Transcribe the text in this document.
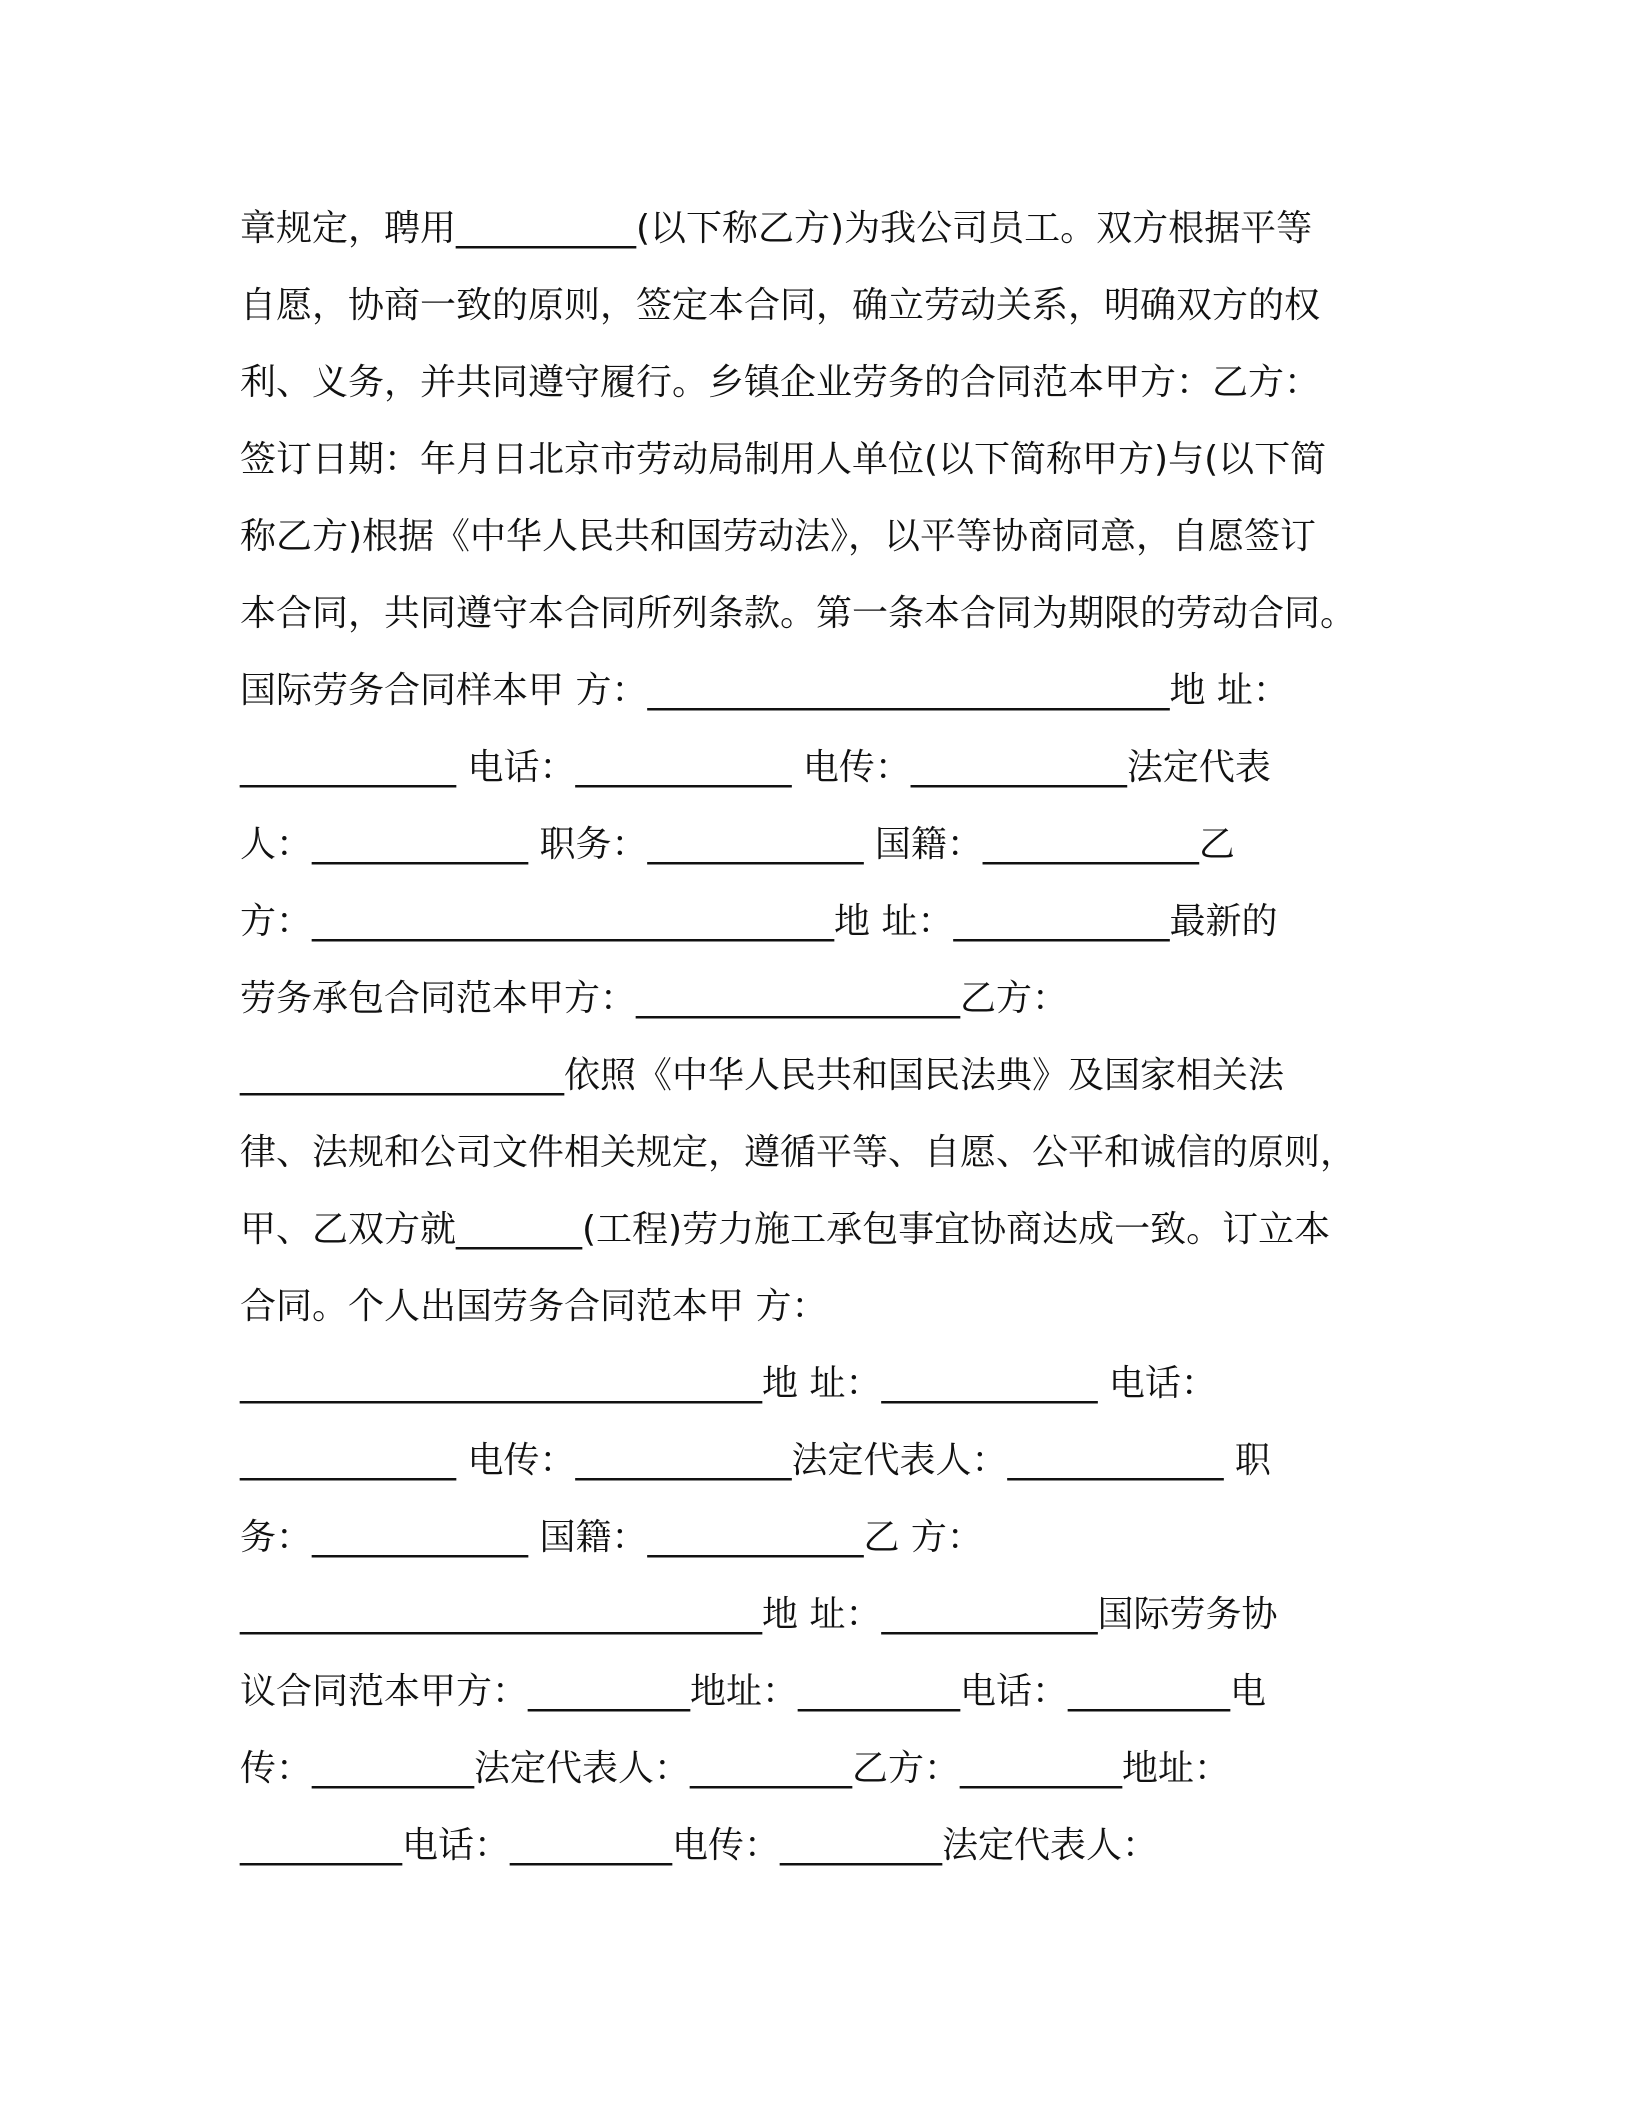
章规定，聘用__________(以下称乙方)为我公司员工。双方根据平等
自愿，协商一致的原则，签定本合同，确立劳动关系，明确双方的权
利、义务，并共同遵守履行。乡镇企业劳务的合同范本甲方：乙方：
签订日期：年月日北京市劳动局制用人单位(以下简称甲方)与(以下简
称乙方)根据《中华人民共和国劳动法》，以平等协商同意，自愿签订
本合同，共同遵守本合同所列条款。第一条本合同为期限的劳动合同。
国际劳务合同样本甲 方：_____________________________地 址：
____________ 电话：____________ 电传：____________法定代表
人：____________ 职务：____________ 国籍：____________乙
方：_____________________________地 址：____________最新的
劳务承包合同范本甲方：__________________乙方：
__________________依照《中华人民共和国民法典》及国家相关法
律、法规和公司文件相关规定，遵循平等、自愿、公平和诚信的原则，
甲、乙双方就_______(工程)劳力施工承包事宜协商达成一致。订立本
合同。个人出国劳务合同范本甲 方：
_____________________________地 址：____________ 电话：
____________ 电传：____________法定代表人：____________ 职
务：____________ 国籍：____________乙 方：
_____________________________地 址：____________国际劳务协
议合同范本甲方：_________地址：_________电话：_________电
传：_________法定代表人：_________乙方：_________地址：
_________电话：_________电传：_________法定代表人：
